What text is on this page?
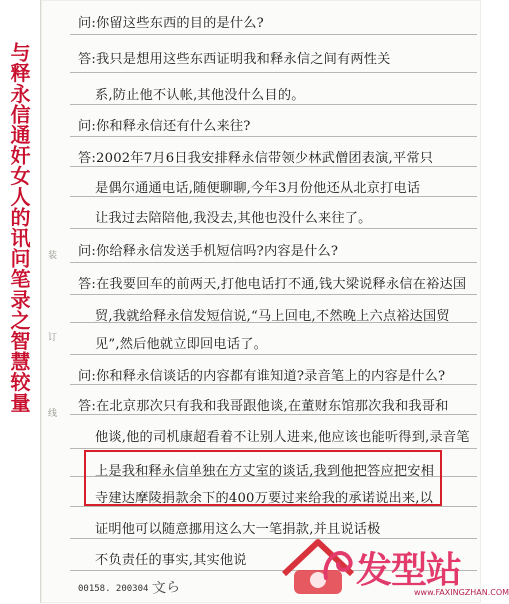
与释永信通奸女人的讯问笔录之智慧较量 装
订
线
问:你留这些东西的目的是什么?
答:我只是想用这些东西证明我和释永信之间有两性关
系,防止他不认帐,其他没什么目的。
问:你和释永信还有什么来往?
答:2002年7月6日我安排释永信带领少林武僧团表演,平常只
是偶尔通通电话,随便聊聊,今年3月份他还从北京打电话
让我过去陪陪他,我没去,其他也没什么来往了。
问:你给释永信发送手机短信吗?内容是什么?
答:在我要回车的前两天,打他电话打不通,钱大梁说释永信在裕达国
贸,我就给释永信发短信说,“马上回电,不然晚上六点裕达国贸
见”,然后他就立即回电话了。
问:你和释永信谈话的内容都有谁知道?录音笔上的内容是什么?
答:在北京那次只有我和我哥跟他谈,在董财东馆那次我和我哥和
他谈,他的司机康超看着不让别人进来,他应该也能听得到,录音笔
上是我和释永信单独在方丈室的谈话,我到他把答应把安相
寺建达摩陵捐款余下的400万要过来给我的承诺说出来,以
证明他可以随意挪用这么大一笔捐款,并且说话极
不负责任的事实,其实他说
文ら
00158. 200304	发型站
www.FAXINGZHAN.COM
